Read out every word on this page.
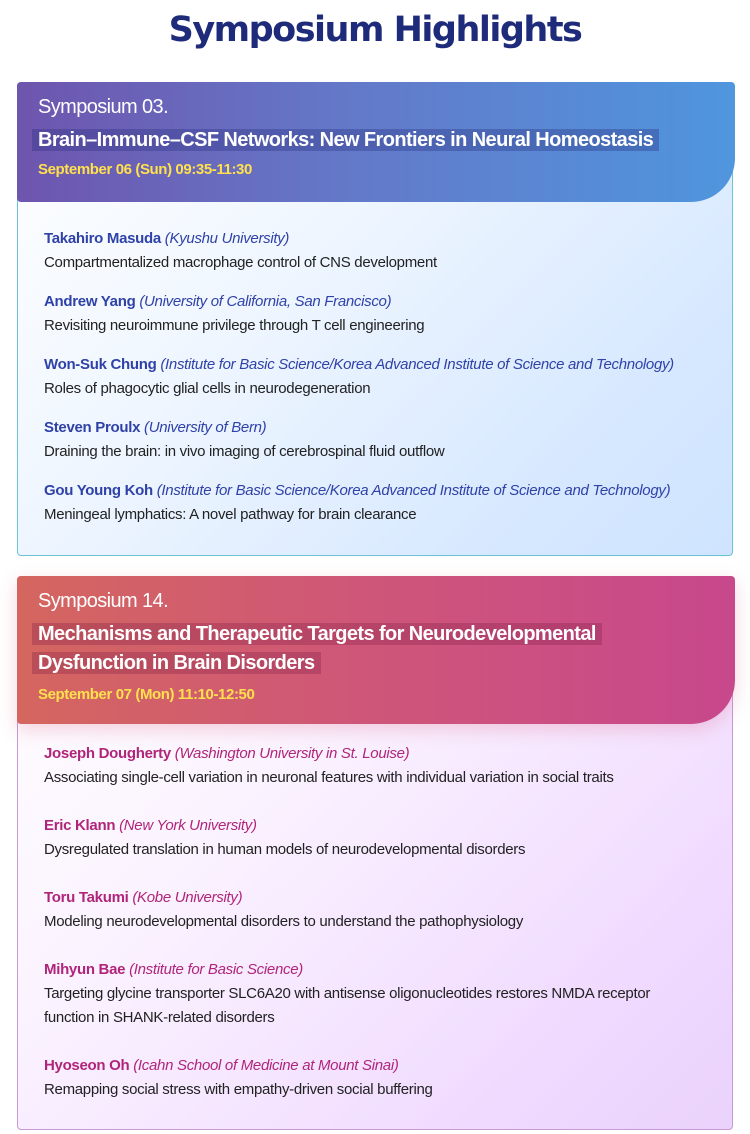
Symposium Highlights
Symposium 03.
Brain–Immune–CSF Networks: New Frontiers in Neural Homeostasis
September 06 (Sun) 09:35-11:30
Takahiro Masuda (Kyushu University)
Compartmentalized macrophage control of CNS development
Andrew Yang (University of California, San Francisco)
Revisiting neuroimmune privilege through T cell engineering
Won-Suk Chung (Institute for Basic Science/Korea Advanced Institute of Science and Technology)
Roles of phagocytic glial cells in neurodegeneration
Steven Proulx (University of Bern)
Draining the brain: in vivo imaging of cerebrospinal fluid outflow
Gou Young Koh (Institute for Basic Science/Korea Advanced Institute of Science and Technology)
Meningeal lymphatics: A novel pathway for brain clearance
Symposium 14.
Mechanisms and Therapeutic Targets for Neurodevelopmental
Dysfunction in Brain Disorders
September 07 (Mon) 11:10-12:50
Joseph Dougherty (Washington University in St. Louise)
Associating single-cell variation in neuronal features with individual variation in social traits
Eric Klann (New York University)
Dysregulated translation in human models of neurodevelopmental disorders
Toru Takumi (Kobe University)
Modeling neurodevelopmental disorders to understand the pathophysiology
Mihyun Bae (Institute for Basic Science)
Targeting glycine transporter SLC6A20 with antisense oligonucleotides restores NMDA receptor function in SHANK-related disorders
Hyoseon Oh (Icahn School of Medicine at Mount Sinai)
Remapping social stress with empathy-driven social buffering
